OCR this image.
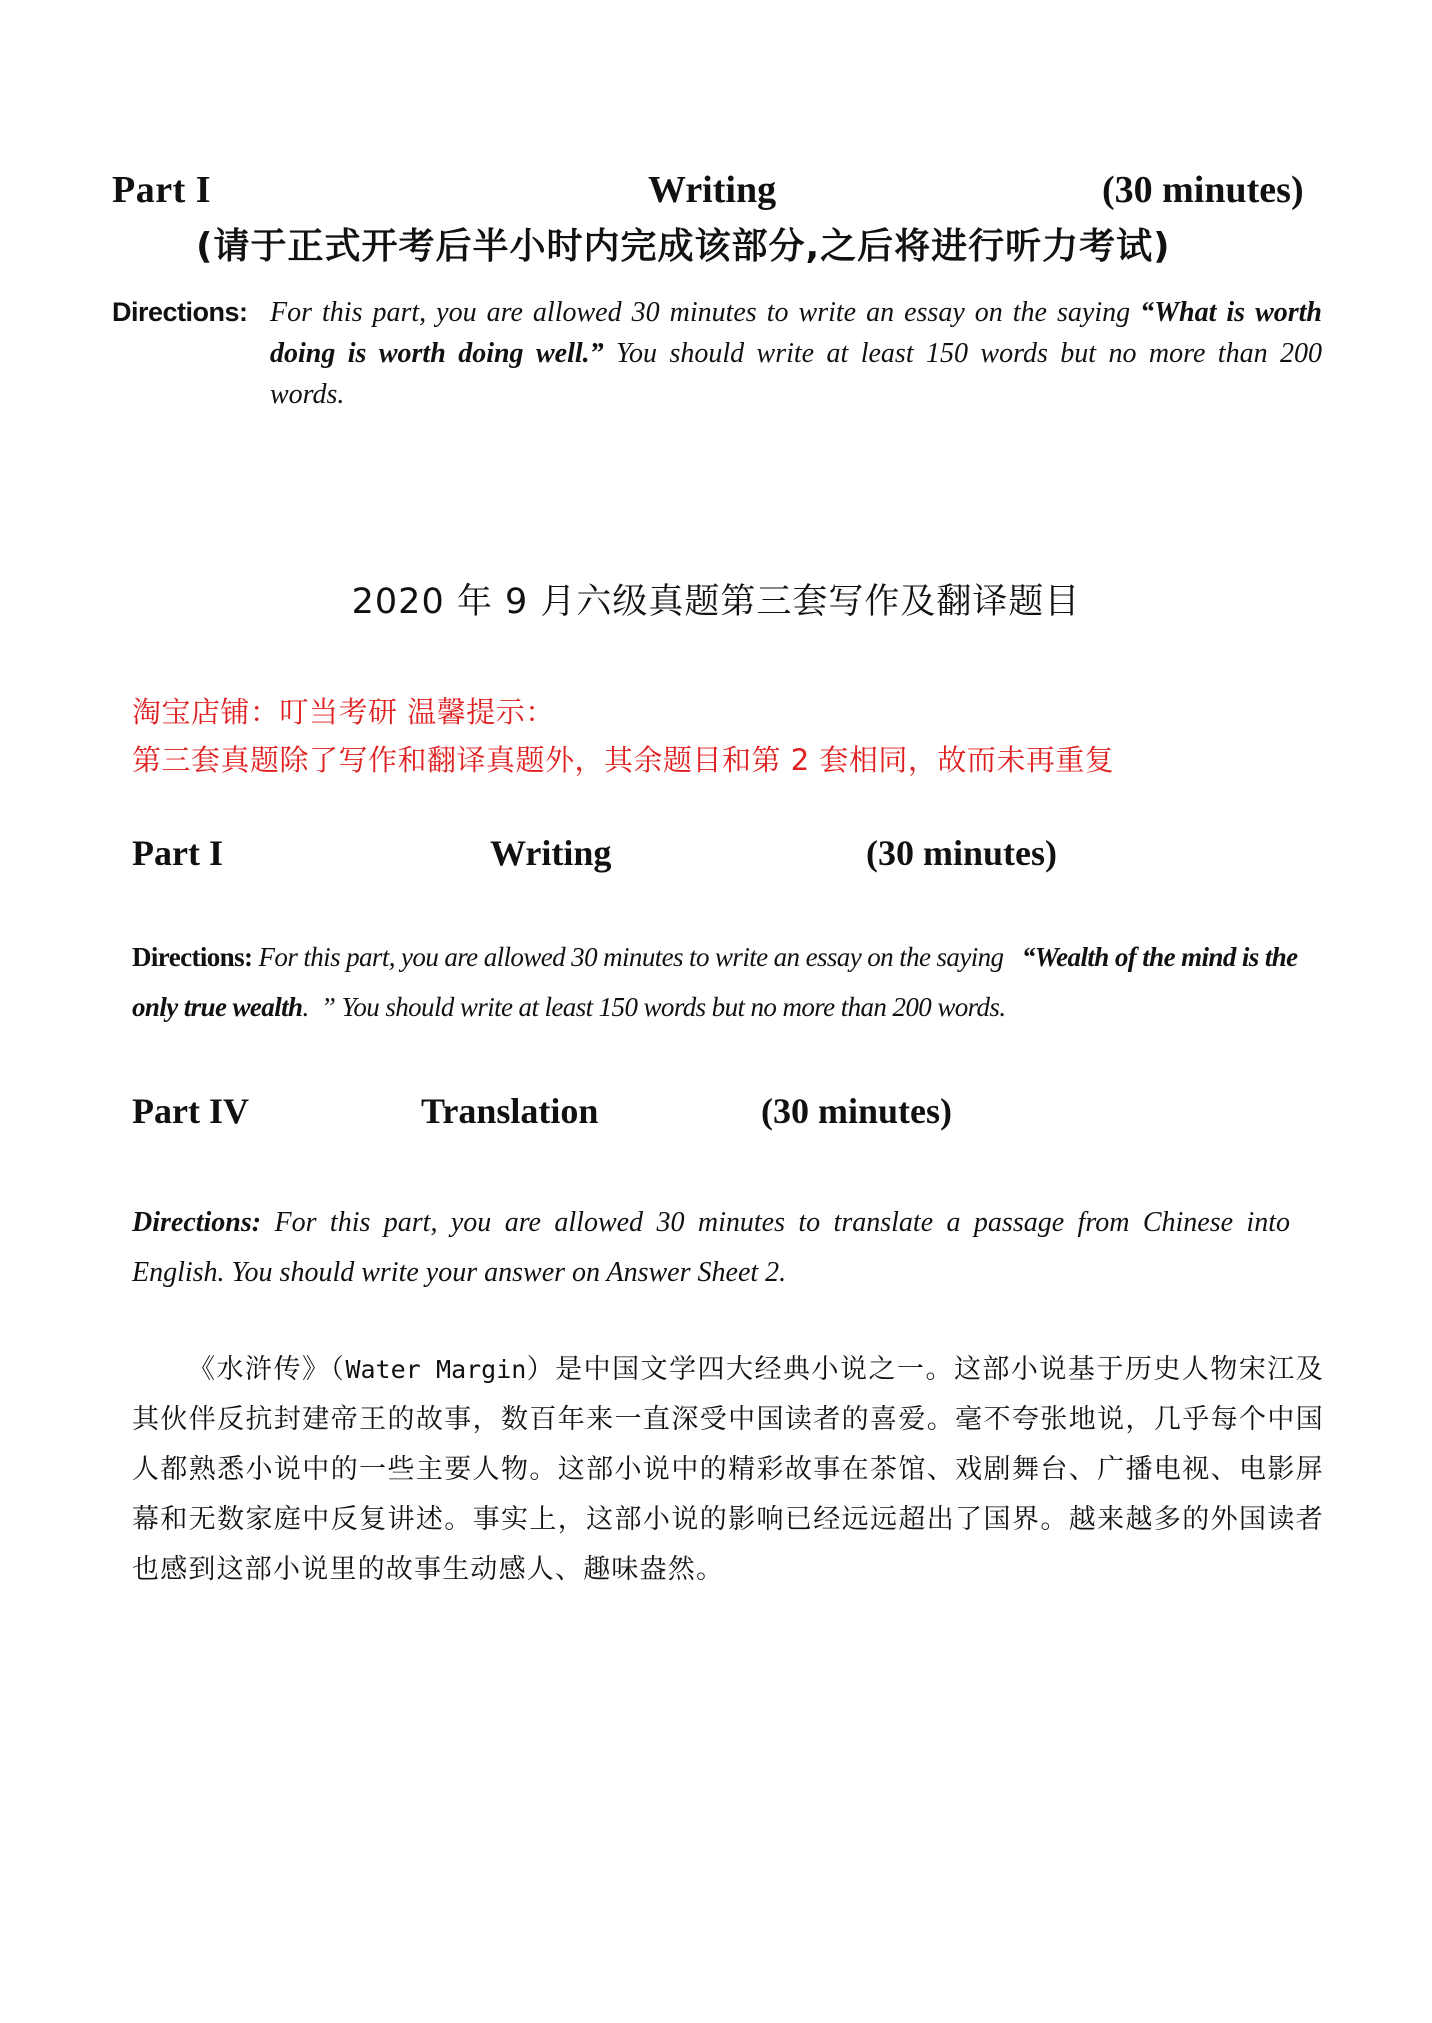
Part I	Writing	(30 minutes)
(请于正式开考后半小时内完成该部分,之后将进行听力考试)
Directions: For this part, you are allowed 30 minutes to write an essay on the saying “What is worth doing is worth doing well.” You should write at least 150 words but no more than 200 words.
2020 年 9 月六级真题第三套写作及翻译题目
淘宝店铺：叮当考研 温馨提示：
第三套真题除了写作和翻译真题外，其余题目和第 2 套相同，故而未再重复
Part I	Writing	(30 minutes)
Directions: For this part, you are allowed 30 minutes to write an essay on the saying   “Wealth of the mind is the only true wealth.  ” You should write at least 150 words but no more than 200 words.
Part IV	Translation	(30 minutes)
Directions: For this part, you are allowed 30 minutes to translate a passage from Chinese into English. You should write your answer on Answer Sheet 2.
《水浒传》（Water Margin）是中国文学四大经典小说之一。这部小说基于历史人物宋江及其伙伴反抗封建帝王的故事，数百年来一直深受中国读者的喜爱。毫不夸张地说，几乎每个中国人都熟悉小说中的一些主要人物。这部小说中的精彩故事在茶馆、戏剧舞台、广播电视、电影屏幕和无数家庭中反复讲述。事实上，这部小说的影响已经远远超出了国界。越来越多的外国读者也感到这部小说里的故事生动感人、趣味盎然。
